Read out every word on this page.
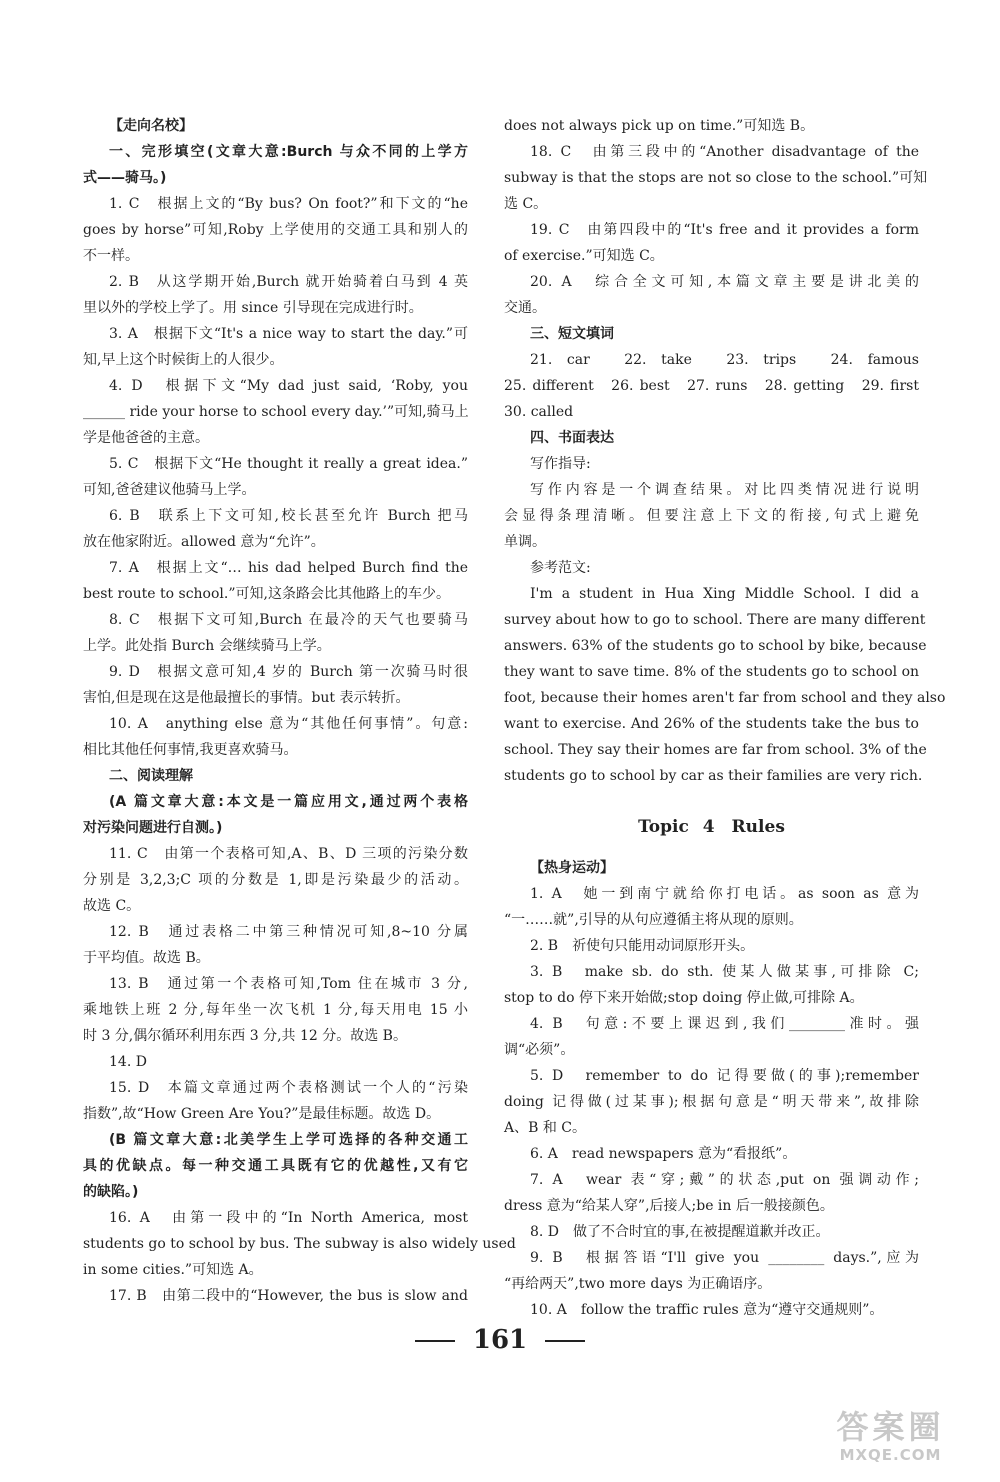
【走向名校】
一、完形填空(文章大意:Burch 与众不同的上学方
式——骑马。)
1. C　根据上文的“By bus? On foot?”和下文的“he
goes by horse”可知,Roby 上学使用的交通工具和别人的
不一样。
2. B　从这学期开始,Burch 就开始骑着白马到 4 英
里以外的学校上学了。用 since 引导现在完成进行时。
3. A　根据下文“It's a nice way to start the day.”可
知,早上这个时候街上的人很少。
4. D　根据下文“My dad just said, ‘Roby, you
______ ride your horse to school every day.’”可知,骑马上
学是他爸爸的主意。
5. C　根据下文“He thought it really a great idea.”
可知,爸爸建议他骑马上学。
6. B　联系上下文可知,校长甚至允许 Burch 把马
放在他家附近。allowed 意为“允许”。
7. A　根据上文“… his dad helped Burch find the
best route to school.”可知,这条路会比其他路上的车少。
8. C　根据下文可知,Burch 在最冷的天气也要骑马
上学。此处指 Burch 会继续骑马上学。
9. D　根据文意可知,4 岁的 Burch 第一次骑马时很
害怕,但是现在这是他最擅长的事情。but 表示转折。
10. A　anything else 意为“其他任何事情”。句意:
相比其他任何事情,我更喜欢骑马。
二、阅读理解
(A 篇文章大意:本文是一篇应用文,通过两个表格
对污染问题进行自测。)
11. C　由第一个表格可知,A、B、D 三项的污染分数
分别是 3,2,3;C 项的分数是 1,即是污染最少的活动。
故选 C。
12. B　通过表格二中第三种情况可知,8~10 分属
于平均值。故选 B。
13. B　通过第一个表格可知,Tom 住在城市 3 分,
乘地铁上班 2 分,每年坐一次飞机 1 分,每天用电 15 小
时 3 分,偶尔循环利用东西 3 分,共 12 分。故选 B。
14. D
15. D　本篇文章通过两个表格测试一个人的“污染
指数”,故“How Green Are You?”是最佳标题。故选 D。
(B 篇文章大意:北美学生上学可选择的各种交通工
具的优缺点。每一种交通工具既有它的优越性,又有它
的缺陷。)
16. A　由第一段中的“In North America, most
students go to school by bus. The subway is also widely used
in some cities.”可知选 A。
17. B　由第二段中的“However, the bus is slow and
does not always pick up on time.”可知选 B。
18. C　由第三段中的“Another disadvantage of the
subway is that the stops are not so close to the school.”可知
选 C。
19. C　由第四段中的“It's free and it provides a form
of exercise.”可知选 C。
20. A　综合全文可知,本篇文章主要是讲北美的
交通。
三、短文填词
21. car　22. take　23. trips　24. famous
25. different　26. best　27. runs　28. getting　29. first
30. called
四、书面表达
写作指导:
写作内容是一个调查结果。对比四类情况进行说明
会显得条理清晰。但要注意上下文的衔接,句式上避免
单调。
参考范文:
I'm a student in Hua Xing Middle School. I did a
survey about how to go to school. There are many different
answers. 63% of the students go to school by bike, because
they want to save time. 8% of the students go to school on
foot, because their homes aren't far from school and they also
want to exercise. And 26% of the students take the bus to
school. They say their homes are far from school. 3% of the
students go to school by car as their families are very rich.
Topic 4　Rules
【热身运动】
1. A　她一到南宁就给你打电话。as soon as 意为
“一……就”,引导的从句应遵循主将从现的原则。
2. B　祈使句只能用动词原形开头。
3. B　make sb. do sth. 使某人做某事,可排除 C;
stop to do 停下来开始做;stop doing 停止做,可排除 A。
4. B　句意:不要上课迟到,我们________准时。强
调“必须”。
5. D　remember to do 记得要做(的事);remember
doing 记得做(过某事);根据句意是“明天带来”,故排除
A、B 和 C。
6. A　read newspapers 意为“看报纸”。
7. A　wear 表“穿;戴”的状态,put on 强调动作;
dress 意为“给某人穿”,后接人;be in 后一般接颜色。
8. D　做了不合时宜的事,在被提醒道歉并改正。
9. B　根据答语“I'll give you ________ days.”,应为
“再给两天”,two more days 为正确语序。
10. A　follow the traffic rules 意为“遵守交通规则”。
161
答案圈
MXQE.COM
